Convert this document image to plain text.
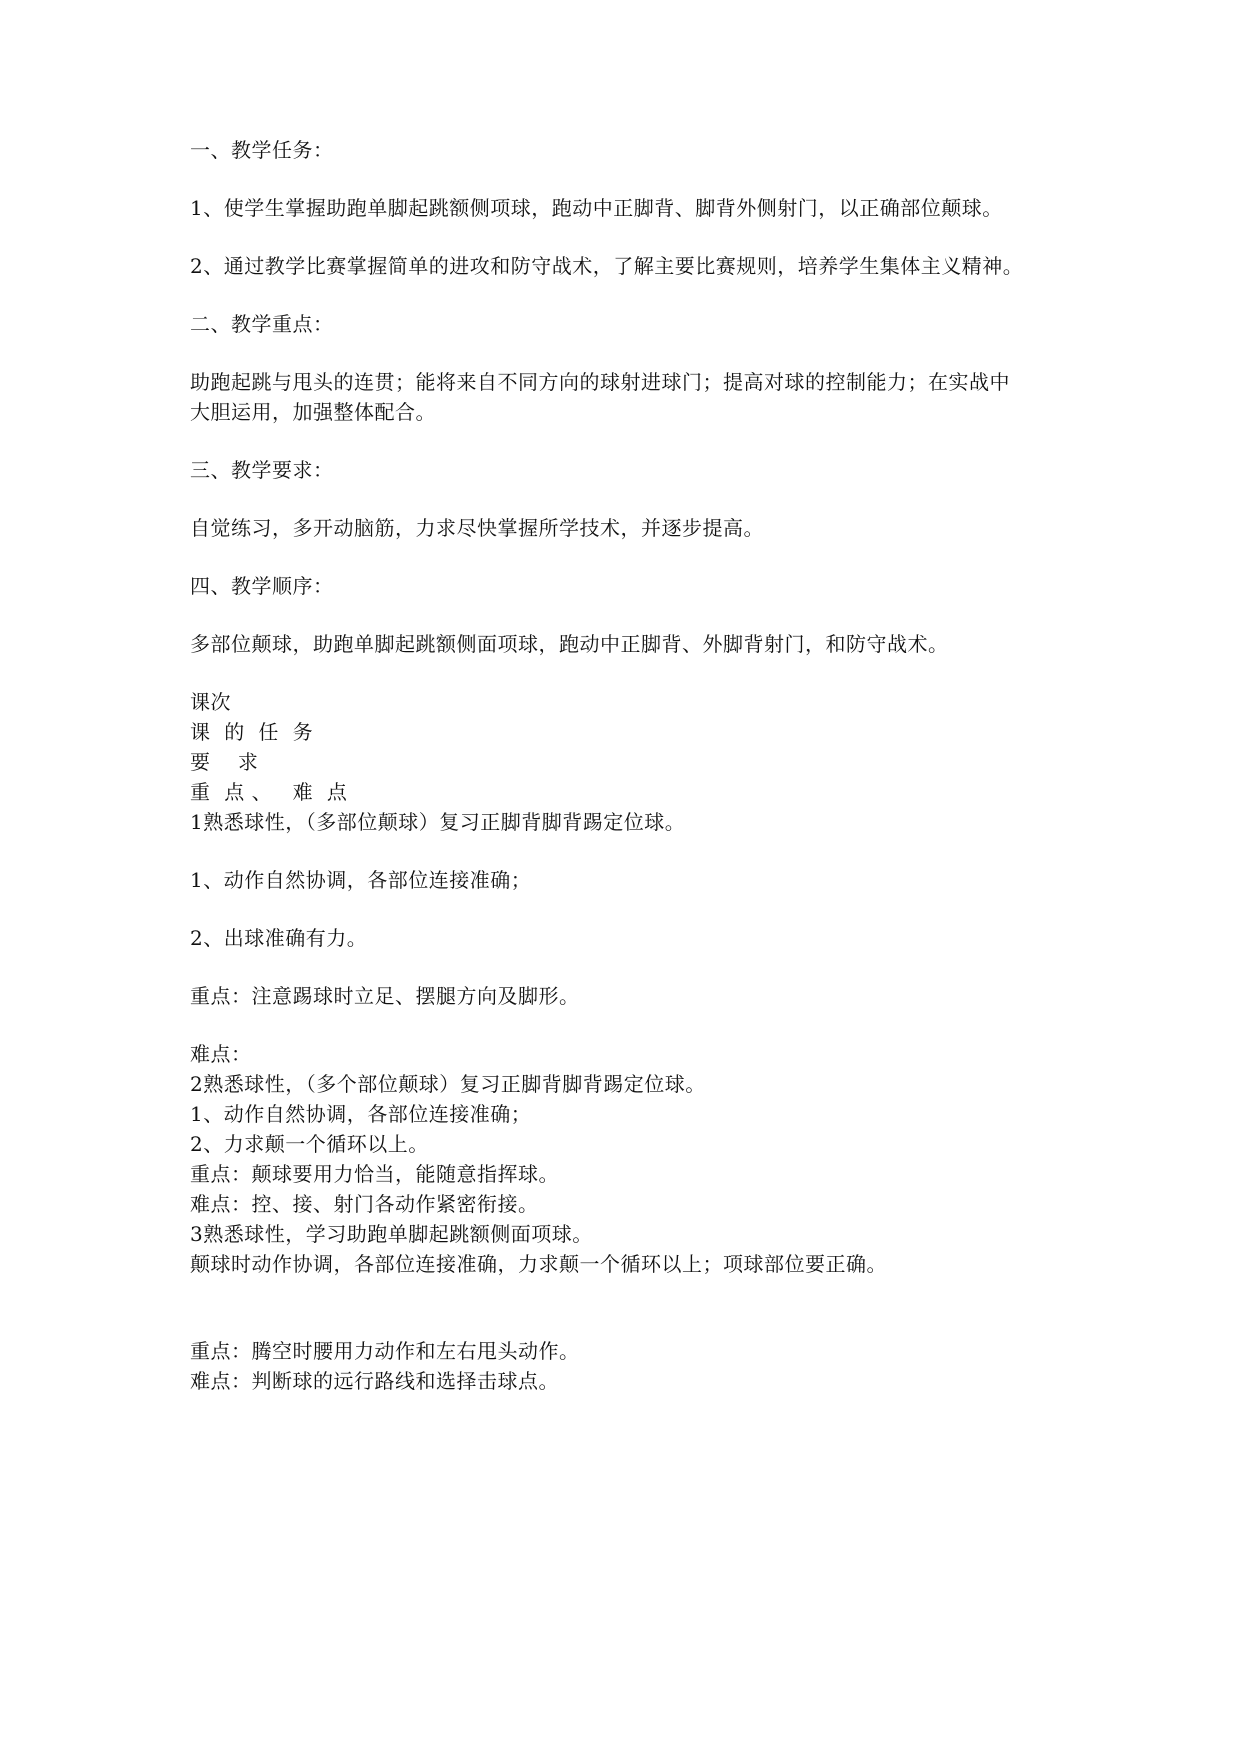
一、教学任务：
1、使学生掌握助跑单脚起跳额侧项球，跑动中正脚背、脚背外侧射门，以正确部位颠球。
2、通过教学比赛掌握简单的进攻和防守战术，了解主要比赛规则，培养学生集体主义精神。
二、教学重点：
助跑起跳与甩头的连贯；能将来自不同方向的球射进球门；提高对球的控制能力；在实战中
大胆运用，加强整体配合。
三、教学要求：
自觉练习，多开动脑筋，力求尽快掌握所学技术，并逐步提高。
四、教学顺序：
多部位颠球，助跑单脚起跳额侧面项球，跑动中正脚背、外脚背射门，和防守战术。
课次
课  的  任  务
要    求
重  点 、   难  点
1熟悉球性，（多部位颠球）复习正脚背脚背踢定位球。
1、动作自然协调，各部位连接准确；
2、出球准确有力。
重点：注意踢球时立足、摆腿方向及脚形。
难点：
2熟悉球性，（多个部位颠球）复习正脚背脚背踢定位球。
1、动作自然协调，各部位连接准确；
2、力求颠一个循环以上。
重点：颠球要用力恰当，能随意指挥球。
难点：控、接、射门各动作紧密衔接。
3熟悉球性，学习助跑单脚起跳额侧面项球。
颠球时动作协调，各部位连接准确，力求颠一个循环以上；项球部位要正确。
重点：腾空时腰用力动作和左右甩头动作。
难点：判断球的远行路线和选择击球点。
